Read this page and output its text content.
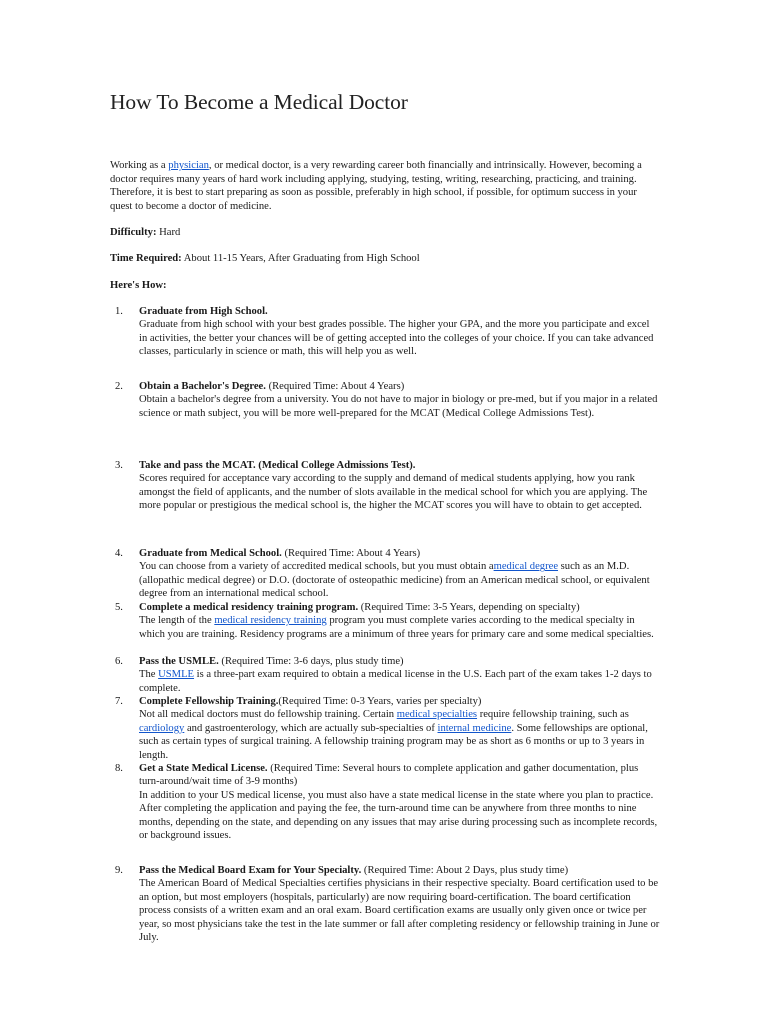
How To Become a Medical Doctor

Working as a physician, or medical doctor, is a very rewarding career both financially and intrinsically. However, becoming a doctor requires many years of hard work including applying, studying, testing, writing, researching, practicing, and training. Therefore, it is best to start preparing as soon as possible, preferably in high school, if possible, for optimum success in your quest to become a doctor of medicine.

Difficulty: Hard

Time Required: About 11-15 Years, After Graduating from High School

Here's How:

1. Graduate from High School.
Graduate from high school with your best grades possible. The higher your GPA, and the more you participate and excel in activities, the better your chances will be of getting accepted into the colleges of your choice. If you can take advanced classes, particularly in science or math, this will help you as well.
2. Obtain a Bachelor's Degree. (Required Time: About 4 Years)
Obtain a bachelor's degree from a university. You do not have to major in biology or pre-med, but if you major in a related science or math subject, you will be more well-prepared for the MCAT (Medical College Admissions Test).
3. Take and pass the MCAT. (Medical College Admissions Test).
Scores required for acceptance vary according to the supply and demand of medical students applying, how you rank amongst the field of applicants, and the number of slots available in the medical school for which you are applying. The more popular or prestigious the medical school is, the higher the MCAT scores you will have to obtain to get accepted.
4. Graduate from Medical School. (Required Time: About 4 Years)
You can choose from a variety of accredited medical schools, but you must obtain amedical degree such as an M.D. (allopathic medical degree) or D.O. (doctorate of osteopathic medicine) from an American medical school, or equivalent degree from an international medical school.
5. Complete a medical residency training program. (Required Time: 3-5 Years, depending on specialty)
The length of the medical residency training program you must complete varies according to the medical specialty in which you are training. Residency programs are a minimum of three years for primary care and some medical specialties.
6. Pass the USMLE. (Required Time: 3-6 days, plus study time)
The USMLE is a three-part exam required to obtain a medical license in the U.S. Each part of the exam takes 1-2 days to complete.
7. Complete Fellowship Training.(Required Time: 0-3 Years, varies per specialty)
Not all medical doctors must do fellowship training. Certain medical specialties require fellowship training, such as cardiology and gastroenterology, which are actually sub-specialties of internal medicine. Some fellowships are optional, such as certain types of surgical training. A fellowship training program may be as short as 6 months or up to 3 years in length.
8. Get a State Medical License. (Required Time: Several hours to complete application and gather documentation, plus turn-around/wait time of 3-9 months)
In addition to your US medical license, you must also have a state medical license in the state where you plan to practice. After completing the application and paying the fee, the turn-around time can be anywhere from three months to nine months, depending on the state, and depending on any issues that may arise during processing such as incomplete records, or background issues.
9. Pass the Medical Board Exam for Your Specialty. (Required Time: About 2 Days, plus study time)
The American Board of Medical Specialties certifies physicians in their respective specialty. Board certification used to be an option, but most employers (hospitals, particularly) are now requiring board-certification. The board certification process consists of a written exam and an oral exam. Board certification exams are usually only given once or twice per year, so most physicians take the test in the late summer or fall after completing residency or fellowship training in June or July.
